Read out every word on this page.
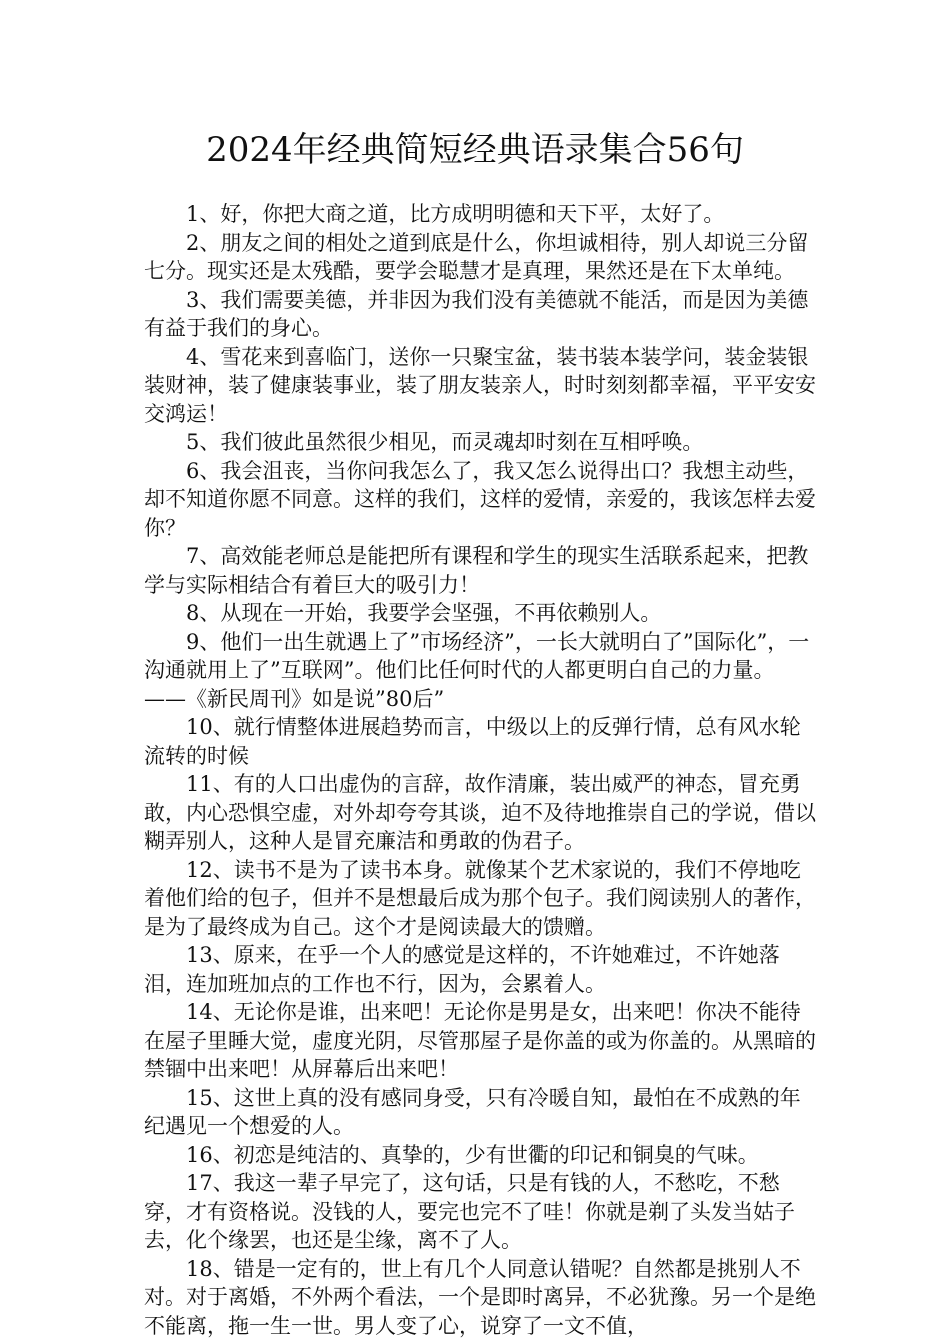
2024年经典简短经典语录集合56句

1、好，你把大商之道，比方成明明德和天下平，太好了。

2、朋友之间的相处之道到底是什么，你坦诚相待，别人却说三分留七分。现实还是太残酷，要学会聪慧才是真理，果然还是在下太单纯。

3、我们需要美德，并非因为我们没有美德就不能活，而是因为美德有益于我们的身心。

4、雪花来到喜临门，送你一只聚宝盆，装书装本装学问，装金装银装财神，装了健康装事业，装了朋友装亲人，时时刻刻都幸福，平平安安交鸿运！

5、我们彼此虽然很少相见，而灵魂却时刻在互相呼唤。

6、我会沮丧，当你问我怎么了，我又怎么说得出口？我想主动些，却不知道你愿不同意。这样的我们，这样的爱情，亲爱的，我该怎样去爱你？

7、高效能老师总是能把所有课程和学生的现实生活联系起来，把教学与实际相结合有着巨大的吸引力！

8、从现在一开始，我要学会坚强，不再依赖别人。

9、他们一出生就遇上了”市场经济”，一长大就明白了”国际化”，一沟通就用上了”互联网”。他们比任何时代的人都更明白自己的力量。 ——《新民周刊》如是说”80后”

10、就行情整体进展趋势而言，中级以上的反弹行情，总有风水轮流转的时候

11、有的人口出虚伪的言辞，故作清廉，装出威严的神态，冒充勇敢，内心恐惧空虚，对外却夸夸其谈，迫不及待地推崇自己的学说，借以糊弄别人，这种人是冒充廉洁和勇敢的伪君子。

12、读书不是为了读书本身。就像某个艺术家说的，我们不停地吃着他们给的包子，但并不是想最后成为那个包子。我们阅读别人的著作，是为了最终成为自己。这个才是阅读最大的馈赠。

13、原来，在乎一个人的感觉是这样的，不许她难过，不许她落泪，连加班加点的工作也不行，因为，会累着人。

14、无论你是谁，出来吧！无论你是男是女，出来吧！你决不能待在屋子里睡大觉，虚度光阴，尽管那屋子是你盖的或为你盖的。从黑暗的禁锢中出来吧！从屏幕后出来吧！

15、这世上真的没有感同身受，只有冷暖自知，最怕在不成熟的年纪遇见一个想爱的人。

16、初恋是纯洁的、真挚的，少有世衢的印记和铜臭的气味。

17、我这一辈子早完了，这句话，只是有钱的人，不愁吃，不愁穿，才有资格说。没钱的人，要完也完不了哇！你就是剃了头发当姑子去，化个缘罢，也还是尘缘，离不了人。

18、错是一定有的，世上有几个人同意认错呢？自然都是挑别人不对。对于离婚，不外两个看法，一个是即时离异，不必犹豫。另一个是绝不能离，拖一生一世。男人变了心，说穿了一文不值，
